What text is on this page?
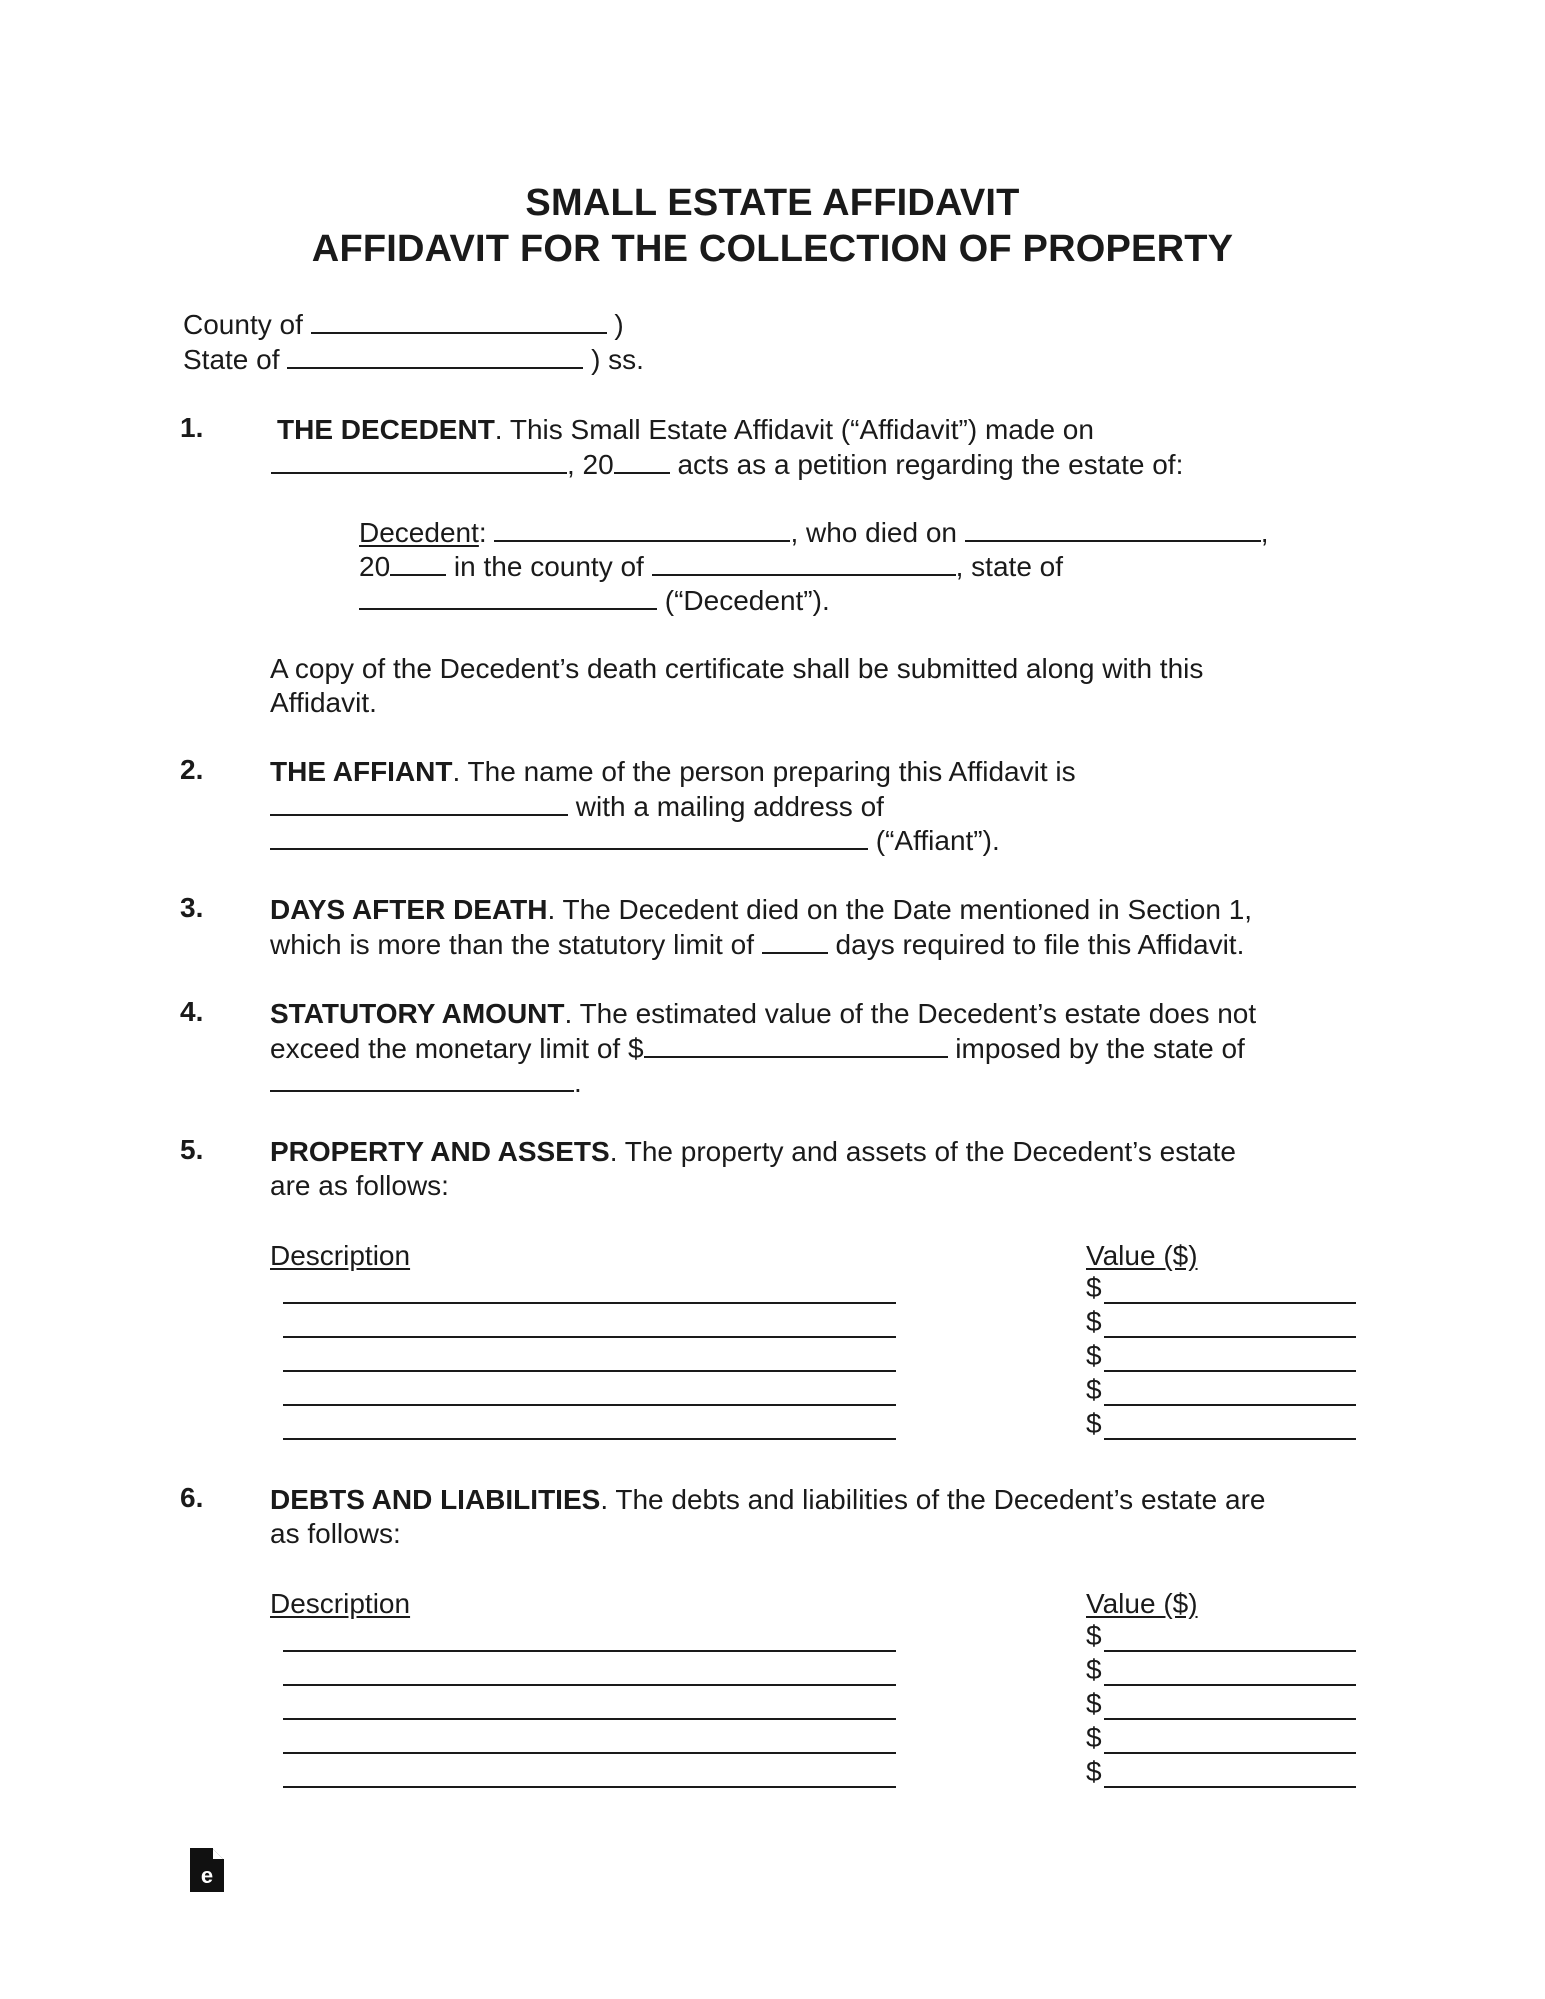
SMALL ESTATE AFFIDAVIT
AFFIDAVIT FOR THE COLLECTION OF PROPERTY
County of	)
State of	) ss.
1.	THE DECEDENT. This Small Estate Affidavit (“Affidavit”) made on
, 20 acts as a petition regarding the estate of:
Decedent:	, who died on	,
20 in the county of	, state of
(“Decedent”).
A copy of the Decedent’s death certificate shall be submitted along with this
Affidavit.
2. THE AFFIANT. The name of the person preparing this Affidavit is
with a mailing address of
(“Affiant”).
3. DAYS AFTER DEATH. The Decedent died on the Date mentioned in Section 1,
which is more than the statutory limit of	days required to file this Affidavit.
4. STATUTORY AMOUNT. The estimated value of the Decedent’s estate does not
exceed the monetary limit of $	imposed by the state of
.
5. PROPERTY AND ASSETS. The property and assets of the Decedent’s estate
are as follows:
Description	Value ($)
$
$
$
$
$
6. DEBTS AND LIABILITIES. The debts and liabilities of the Decedent’s estate are
as follows:
Description	Value ($)
$
$
$
$
$
e
